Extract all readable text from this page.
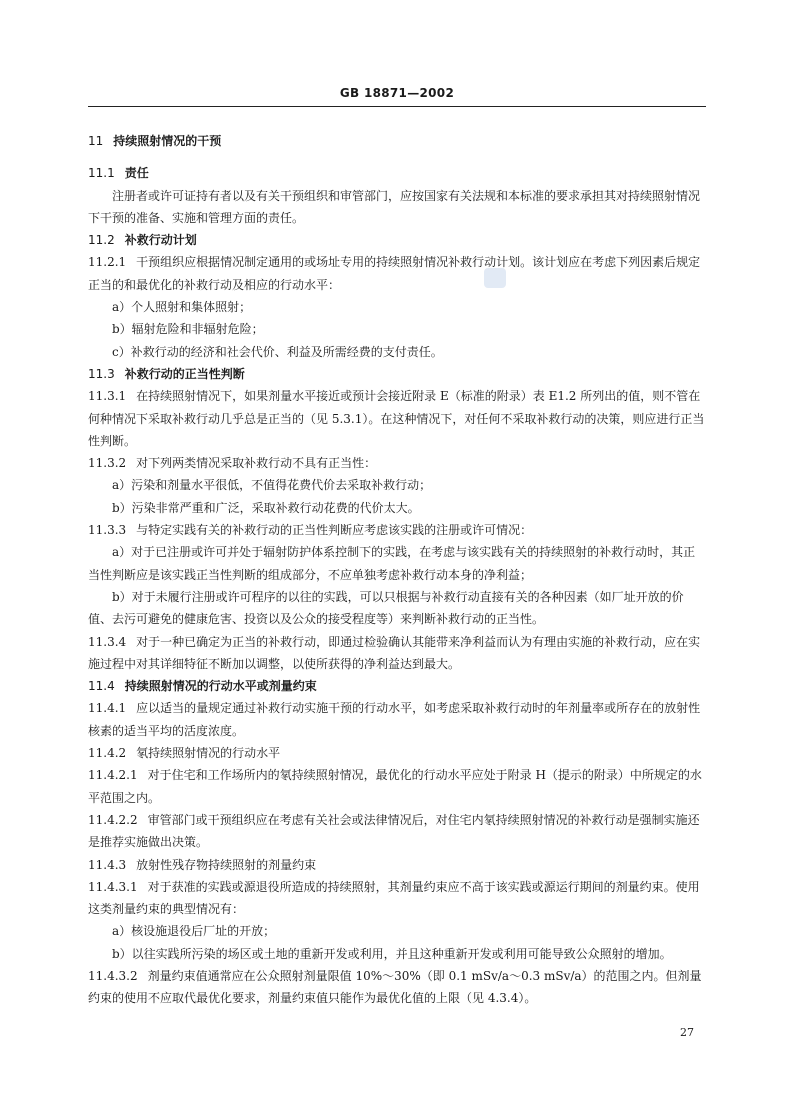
GB 18871—2002

11 持续照射情况的干预

11.1 责任

注册者或许可证持有者以及有关干预组织和审管部门，应按国家有关法规和本标准的要求承担其对持续照射情况下干预的准备、实施和管理方面的责任。

11.2 补救行动计划

11.2.1 干预组织应根据情况制定通用的或场址专用的持续照射情况补救行动计划。该计划应在考虑下列因素后规定正当的和最优化的补救行动及相应的行动水平：

a）个人照射和集体照射；

b）辐射危险和非辐射危险；

c）补救行动的经济和社会代价、利益及所需经费的支付责任。

11.3 补救行动的正当性判断

11.3.1 在持续照射情况下，如果剂量水平接近或预计会接近附录 E（标准的附录）表 E1.2 所列出的值，则不管在何种情况下采取补救行动几乎总是正当的（见 5.3.1）。在这种情况下，对任何不采取补救行动的决策，则应进行正当性判断。

11.3.2 对下列两类情况采取补救行动不具有正当性：

a）污染和剂量水平很低，不值得花费代价去采取补救行动；

b）污染非常严重和广泛，采取补救行动花费的代价太大。

11.3.3 与特定实践有关的补救行动的正当性判断应考虑该实践的注册或许可情况：

a）对于已注册或许可并处于辐射防护体系控制下的实践，在考虑与该实践有关的持续照射的补救行动时，其正当性判断应是该实践正当性判断的组成部分，不应单独考虑补救行动本身的净利益；

b）对于未履行注册或许可程序的以往的实践，可以只根据与补救行动直接有关的各种因素（如厂址开放的价值、去污可避免的健康危害、投资以及公众的接受程度等）来判断补救行动的正当性。

11.3.4 对于一种已确定为正当的补救行动，即通过检验确认其能带来净利益而认为有理由实施的补救行动，应在实施过程中对其详细特征不断加以调整，以使所获得的净利益达到最大。

11.4 持续照射情况的行动水平或剂量约束

11.4.1 应以适当的量规定通过补救行动实施干预的行动水平，如考虑采取补救行动时的年剂量率或所存在的放射性核素的适当平均的活度浓度。

11.4.2 氡持续照射情况的行动水平

11.4.2.1 对于住宅和工作场所内的氡持续照射情况，最优化的行动水平应处于附录 H（提示的附录）中所规定的水平范围之内。

11.4.2.2 审管部门或干预组织应在考虑有关社会或法律情况后，对住宅内氡持续照射情况的补救行动是强制实施还是推荐实施做出决策。

11.4.3 放射性残存物持续照射的剂量约束

11.4.3.1 对于获准的实践或源退役所造成的持续照射，其剂量约束应不高于该实践或源运行期间的剂量约束。使用这类剂量约束的典型情况有：

a）核设施退役后厂址的开放；

b）以往实践所污染的场区或土地的重新开发或利用，并且这种重新开发或利用可能导致公众照射的增加。

11.4.3.2 剂量约束值通常应在公众照射剂量限值 10%～30%（即 0.1 mSv/a～0.3 mSv/a）的范围之内。但剂量约束的使用不应取代最优化要求，剂量约束值只能作为最优化值的上限（见 4.3.4）。

27
